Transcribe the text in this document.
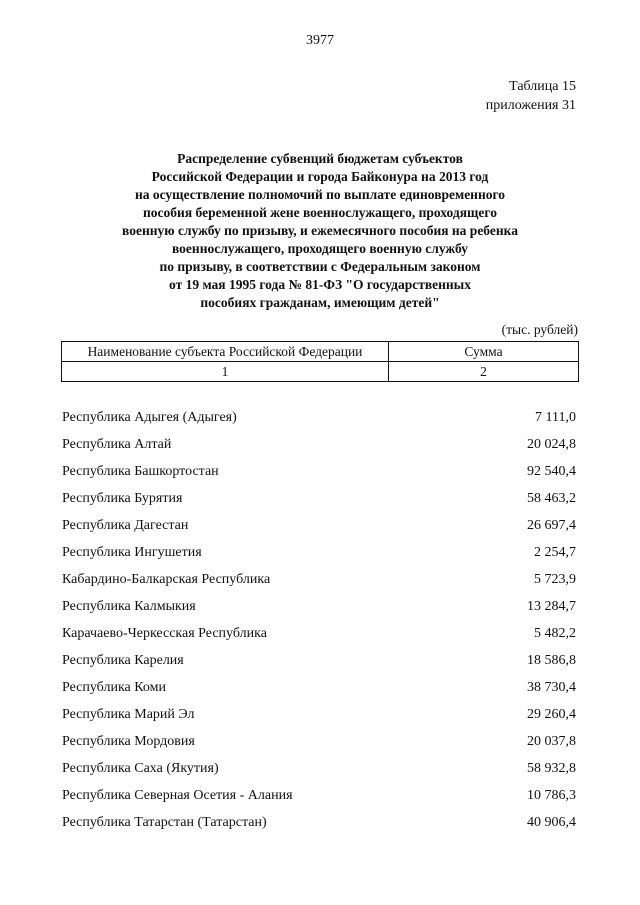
3977
Таблица 15
приложения 31
Распределение субвенций бюджетам субъектов
Российской Федерации и города Байконура на 2013 год
на осуществление полномочий по выплате единовременного
пособия беременной жене военнослужащего, проходящего
военную службу по призыву, и ежемесячного пособия на ребенка
военнослужащего, проходящего военную службу
по призыву, в соответствии с Федеральным законом
от 19 мая 1995 года № 81-ФЗ "О государственных
пособиях гражданам, имеющим детей"
(тыс. рублей)
Наименование субъекта Российской Федерации	Сумма
1	2
Республика Адыгея (Адыгея)	7 111,0
Республика Алтай	20 024,8
Республика Башкортостан	92 540,4
Республика Бурятия	58 463,2
Республика Дагестан	26 697,4
Республика Ингушетия	2 254,7
Кабардино-Балкарская Республика	5 723,9
Республика Калмыкия	13 284,7
Карачаево-Черкесская Республика	5 482,2
Республика Карелия	18 586,8
Республика Коми	38 730,4
Республика Марий Эл	29 260,4
Республика Мордовия	20 037,8
Республика Саха (Якутия)	58 932,8
Республика Северная Осетия - Алания	10 786,3
Республика Татарстан (Татарстан)	40 906,4
